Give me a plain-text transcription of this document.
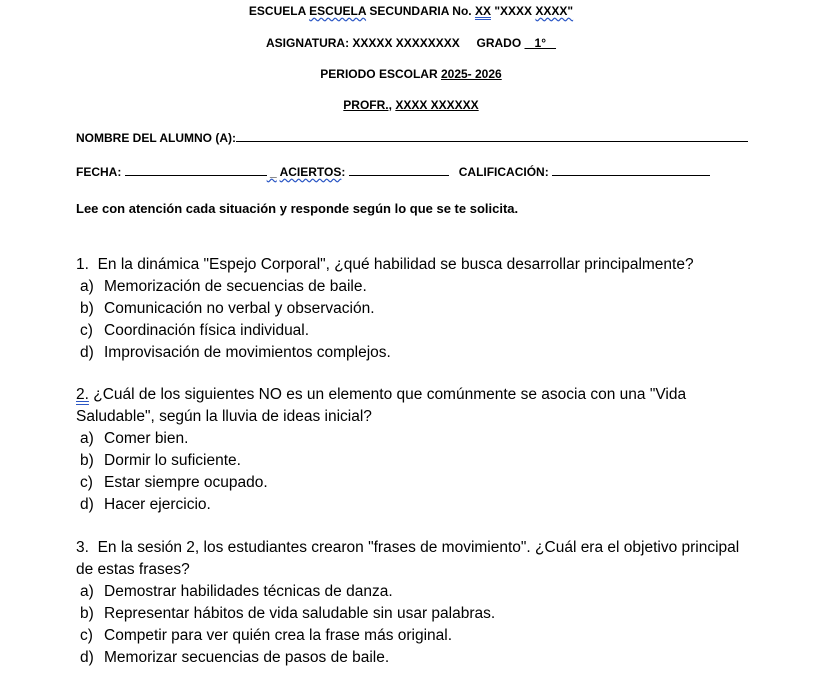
ESCUELA ESCUELA SECUNDARIA No. XX "XXXX XXXX"
ASIGNATURA: XXXXX XXXXXXXX GRADO 1°
PERIODO ESCOLAR 2025- 2026
PROFR., XXXX XXXXXX
NOMBRE DEL ALUMNO (A):
FECHA:	_ ACIERTOS:	CALIFICACIÓN:
Lee con atención cada situación y responde según lo que se te solicita.
1. En la dinámica "Espejo Corporal", ¿qué habilidad se busca desarrollar principalmente?
a) Memorización de secuencias de baile.
b) Comunicación no verbal y observación.
c) Coordinación física individual.
d) Improvisación de movimientos complejos.
2. ¿Cuál de los siguientes NO es un elemento que comúnmente se asocia con una "Vida Saludable", según la lluvia de ideas inicial?
a) Comer bien.
b) Dormir lo suficiente.
c) Estar siempre ocupado.
d) Hacer ejercicio.
3. En la sesión 2, los estudiantes crearon "frases de movimiento". ¿Cuál era el objetivo principal de estas frases?
a) Demostrar habilidades técnicas de danza.
b) Representar hábitos de vida saludable sin usar palabras.
c) Competir para ver quién crea la frase más original.
d) Memorizar secuencias de pasos de baile.
